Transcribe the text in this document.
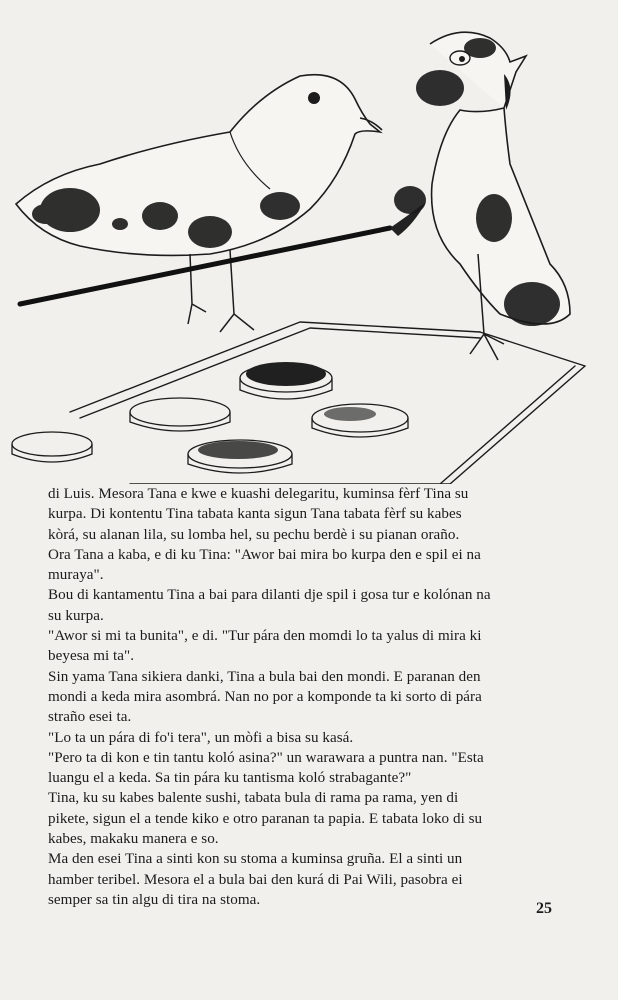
di Luis. Mesora Tana e kwe e kuashi delegaritu, kuminsa fèrf Tina su

kurpa. Di kontentu Tina tabata kanta sigun Tana tabata fèrf su kabes

kòrá, su alanan lila, su lomba hel, su pechu berdè i su pianan oraño.

Ora Tana a kaba, e di ku Tina: "Awor bai mira bo kurpa den e spil ei na

muraya".

Bou di kantamentu Tina a bai para dilanti dje spil i gosa tur e kolónan na

su kurpa.

"Awor si mi ta bunita", e di. "Tur pára den momdi lo ta yalus di mira ki

beyesa mi ta".

Sin yama Tana sikiera danki, Tina a bula bai den mondi. E paranan den

mondi a keda mira asombrá. Nan no por a komponde ta ki sorto di pára

straño esei ta.

"Lo ta un pára di fo'i tera", un mòfi a bisa su kasá.

"Pero ta di kon e tin tantu koló asina?" un warawara a puntra nan. "Esta

luangu el a keda. Sa tin pára ku tantisma koló strabagante?"

Tina, ku su kabes balente sushi, tabata bula di rama pa rama, yen di

pikete, sigun el a tende kiko e otro paranan ta papia. E tabata loko di su

kabes, makaku manera e so.

Ma den esei Tina a sinti kon su stoma a kuminsa gruña. El a sinti un

hamber teribel. Mesora el a bula bai den kurá di Pai Wili, pasobra ei

semper sa tin algu di tira na stoma.

25
